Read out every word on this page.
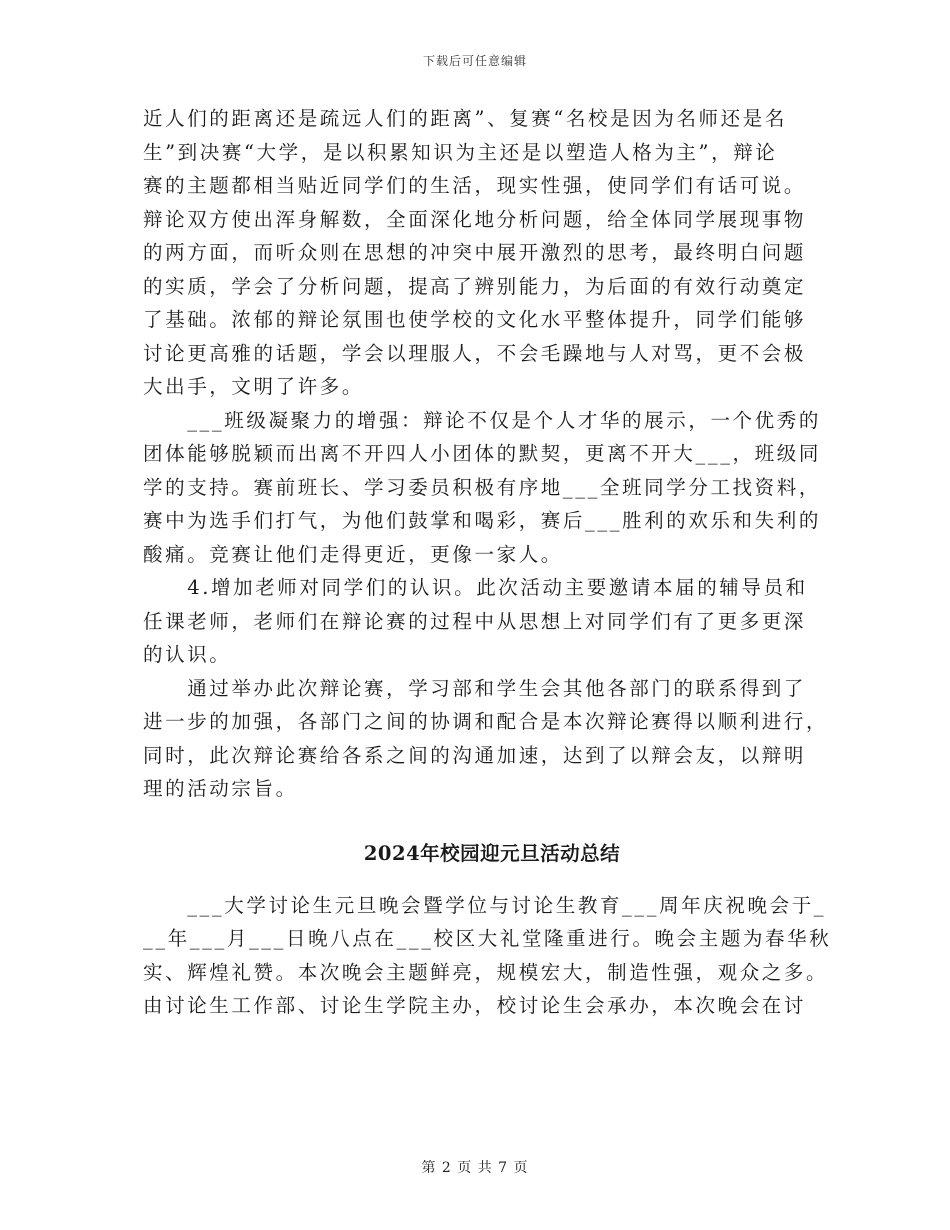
下载后可任意编辑
近人们的距离还是疏远人们的距离”、复赛“名校是因为名师还是名
生”到决赛“大学，是以积累知识为主还是以塑造人格为主”，辩论
赛的主题都相当贴近同学们的生活，现实性强，使同学们有话可说。
辩论双方使出浑身解数，全面深化地分析问题，给全体同学展现事物
的两方面，而听众则在思想的冲突中展开激烈的思考，最终明白问题
的实质，学会了分析问题，提高了辨别能力，为后面的有效行动奠定
了基础。浓郁的辩论氛围也使学校的文化水平整体提升，同学们能够
讨论更高雅的话题，学会以理服人，不会毛躁地与人对骂，更不会极
大出手，文明了许多。
　　___班级凝聚力的增强：辩论不仅是个人才华的展示，一个优秀的
团体能够脱颖而出离不开四人小团体的默契，更离不开大___，班级同
学的支持。赛前班长、学习委员积极有序地___全班同学分工找资料，
赛中为选手们打气，为他们鼓掌和喝彩，赛后___胜利的欢乐和失利的
酸痛。竞赛让他们走得更近，更像一家人。
　　4.增加老师对同学们的认识。此次活动主要邀请本届的辅导员和
任课老师，老师们在辩论赛的过程中从思想上对同学们有了更多更深
的认识。
　　通过举办此次辩论赛，学习部和学生会其他各部门的联系得到了
进一步的加强，各部门之间的协调和配合是本次辩论赛得以顺利进行，
同时，此次辩论赛给各系之间的沟通加速，达到了以辩会友，以辩明
理的活动宗旨。
2024年校园迎元旦活动总结
　　___大学讨论生元旦晚会暨学位与讨论生教育___周年庆祝晚会于_
__年___月___日晚八点在___校区大礼堂隆重进行。晚会主题为春华秋
实、辉煌礼赞。本次晚会主题鲜亮，规模宏大，制造性强，观众之多。
由讨论生工作部、讨论生学院主办，校讨论生会承办，本次晚会在讨
第 2 页 共 7 页
